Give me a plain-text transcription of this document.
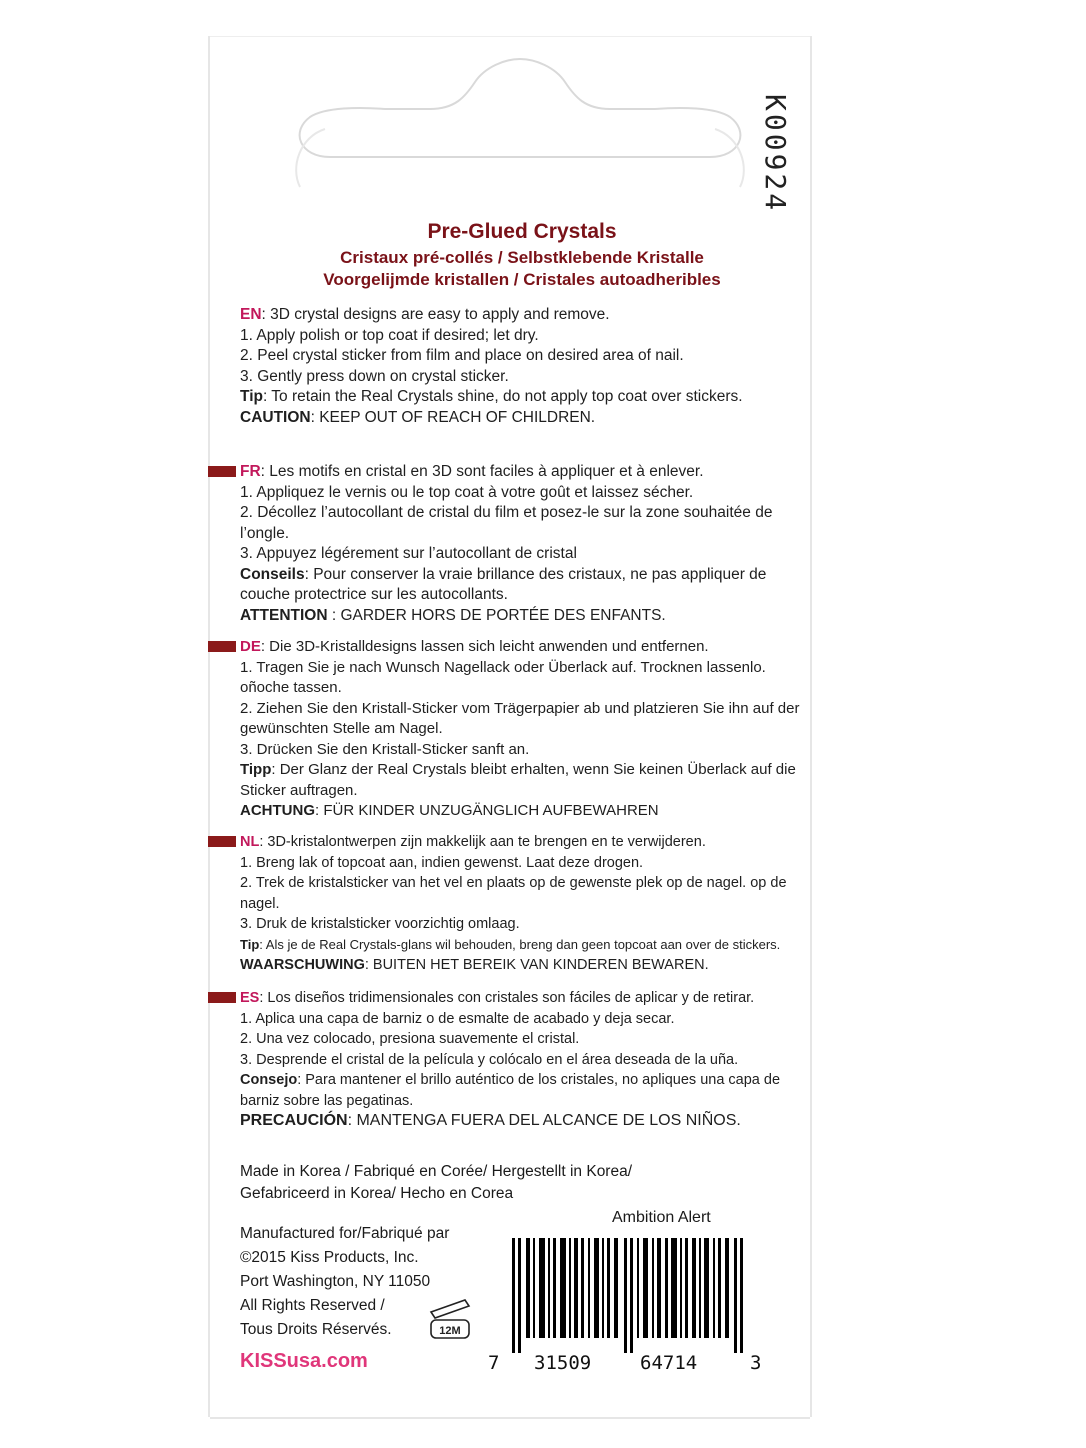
K00924
Pre-Glued Crystals
Cristaux pré-collés / Selbstklebende Kristalle
Voorgelijmde kristallen / Cristales autoadheribles

EN: 3D crystal designs are easy to apply and remove.

1. Apply polish or top coat if desired; let dry.

2. Peel crystal sticker from film and place on desired area of nail.

3. Gently press down on crystal sticker.

Tip: To retain the Real Crystals shine, do not apply top coat over stickers.

CAUTION: KEEP OUT OF REACH OF CHILDREN.

FR: Les motifs en cristal en 3D sont faciles à appliquer et à enlever.

1. Appliquez le vernis ou le top coat à votre goût et laissez sécher.

2. Décollez l’autocollant de cristal du film et posez-le sur la zone souhaitée de l’ongle.

3. Appuyez légérement sur l’autocollant de cristal

Conseils: Pour conserver la vraie brillance des cristaux, ne pas appliquer de couche protectrice sur les autocollants.

ATTENTION : GARDER HORS DE PORTÉE DES ENFANTS.

DE: Die 3D-Kristalldesigns lassen sich leicht anwenden und entfernen.

1. Tragen Sie je nach Wunsch Nagellack oder Überlack auf. Trocknen lassenlo. oñoche tassen.

2. Ziehen Sie den Kristall-Sticker vom Trägerpapier ab und platzieren Sie ihn auf der gewünschten Stelle am Nagel.

3. Drücken Sie den Kristall-Sticker sanft an.

Tipp: Der Glanz der Real Crystals bleibt erhalten, wenn Sie keinen Überlack auf die Sticker auftragen.

ACHTUNG: FÜR KINDER UNZUGÄNGLICH AUFBEWAHREN

NL: 3D-kristalontwerpen zijn makkelijk aan te brengen en te verwijderen.

1. Breng lak of topcoat aan, indien gewenst. Laat deze drogen.

2. Trek de kristalsticker van het vel en plaats op de gewenste plek op de nagel. op de nagel.

3. Druk de kristalsticker voorzichtig omlaag.

Tip: Als je de Real Crystals-glans wil behouden, breng dan geen topcoat aan over de stickers.

WAARSCHUWING: BUITEN HET BEREIK VAN KINDEREN BEWAREN.

ES: Los diseños tridimensionales con cristales son fáciles de aplicar y de retirar.

1. Aplica una capa de barniz o de esmalte de acabado y deja secar.

2. Una vez colocado, presiona suavemente el cristal.

3. Desprende el cristal de la película y colócalo en el área deseada de la uña.

Consejo: Para mantener el brillo auténtico de los cristales, no apliques una capa de barniz sobre las pegatinas.

PRECAUCIÓN: MANTENGA FUERA DEL ALCANCE DE LOS NIÑOS.

Made in Korea / Fabriqué en Corée/ Hergestellt in Korea/
Gefabriceerd in Korea/ Hecho en Corea
Manufactured for/Fabriqué par
©2015 Kiss Products, Inc.
Port Washington, NY 11050
All Rights Reserved /
Tous Droits Réservés.
KISSusa.com
12M
Ambition Alert
7 31509	64714	3
